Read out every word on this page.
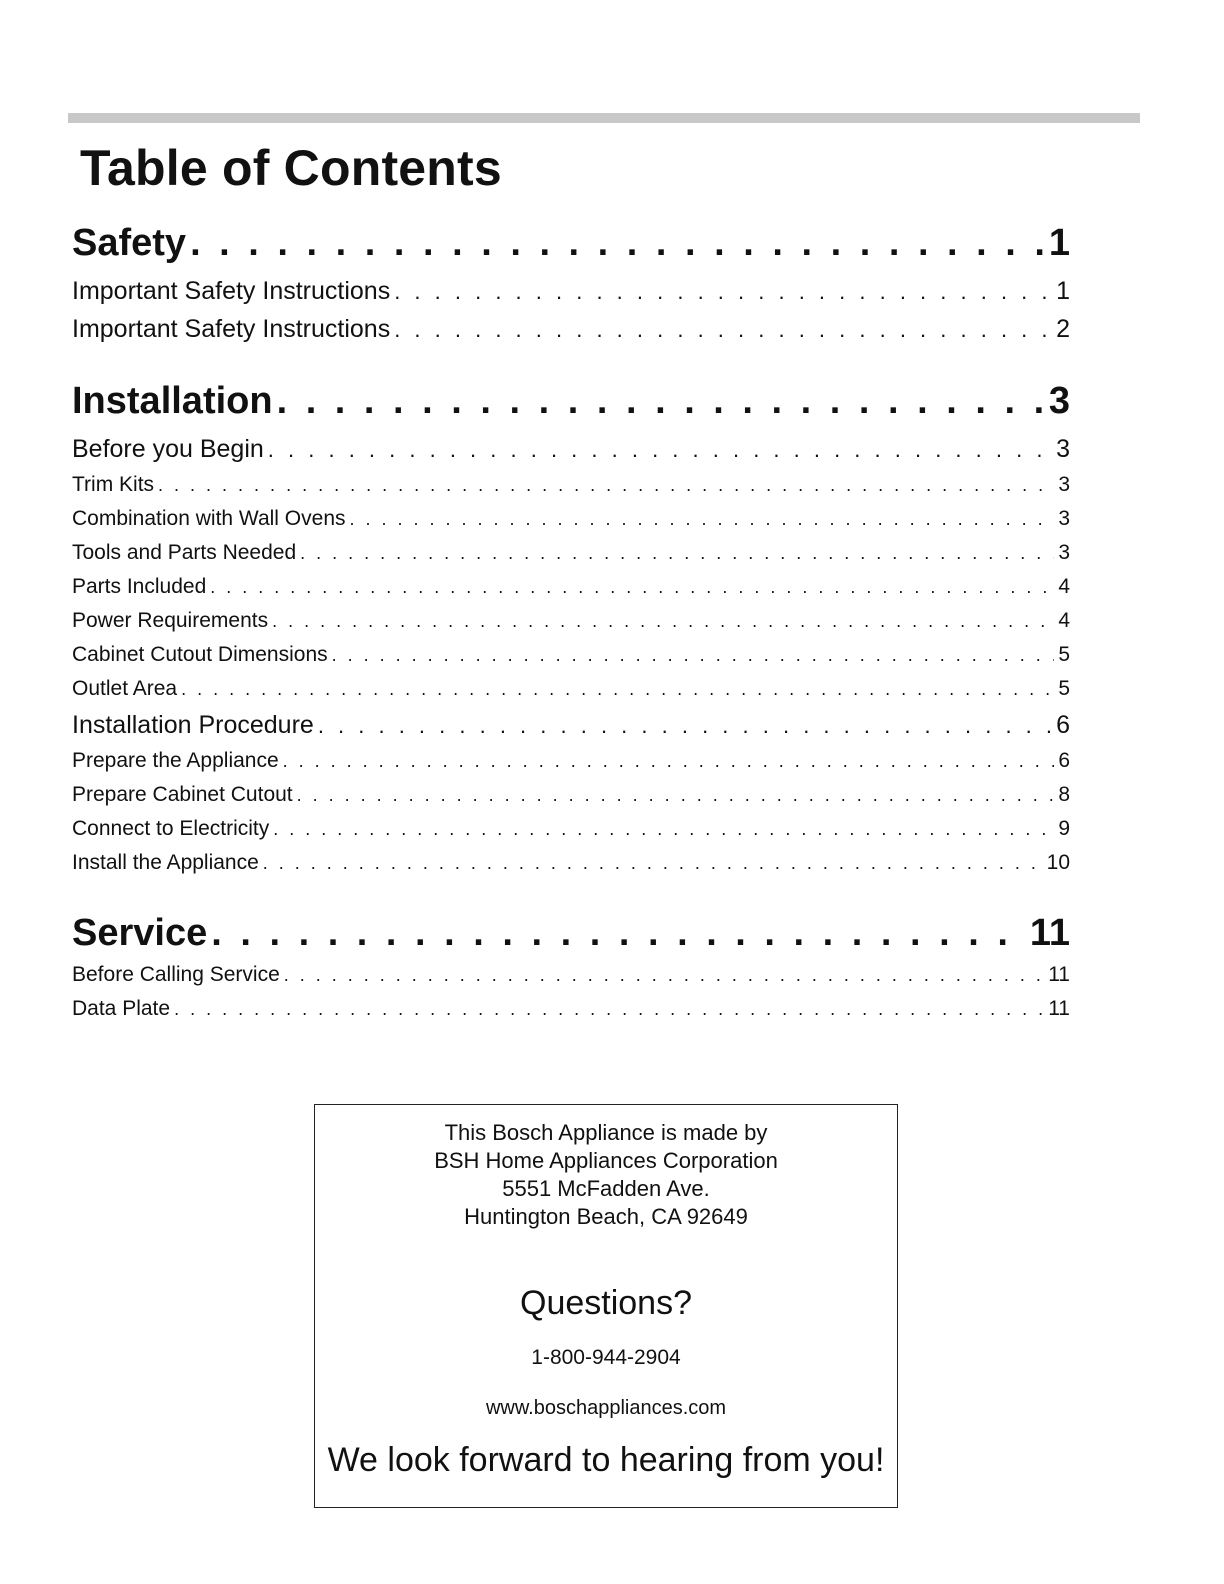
Table of Contents
Safety . . .	1
Important Safety Instructions . . .	1
Important Safety Instructions . . .	2
Installation . . .	3
Before you Begin . . .	3
Trim Kits . . .	3
Combination with Wall Ovens . . .	3
Tools and Parts Needed . . .	3
Parts Included . . .	4
Power Requirements . . .	4
Cabinet Cutout Dimensions . . .	5
Outlet Area . . .	5
Installation Procedure . . .	6
Prepare the Appliance . . .	6
Prepare Cabinet Cutout . . .	8
Connect to Electricity . . .	9
Install the Appliance . . .	10
Service . . .	11
Before Calling Service . . .	11
Data Plate . . .	11
This Bosch Appliance is made by
BSH Home Appliances Corporation
5551 McFadden Ave.
Huntington Beach, CA 92649
Questions?
1-800-944-2904
www.boschappliances.com
We look forward to hearing from you!
